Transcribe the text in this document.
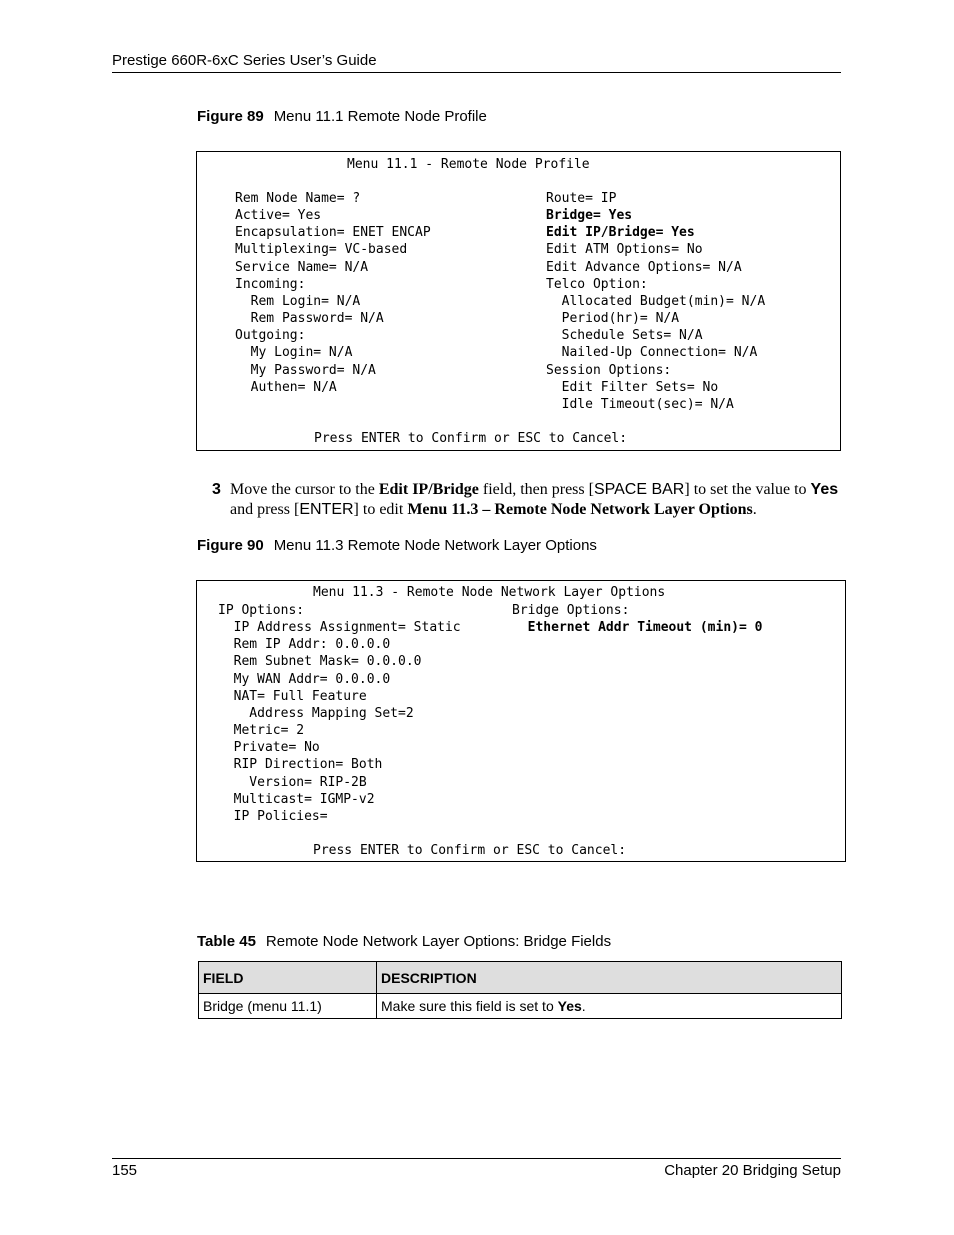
Prestige 660R-6xC Series User’s Guide
Figure 89 Menu 11.1 Remote Node Profile
Menu 11.1 - Remote Node Profile
Rem Node Name= ?
Active= Yes
Encapsulation= ENET ENCAP
Multiplexing= VC-based
Service Name= N/A
Incoming:
Rem Login= N/A
Rem Password= N/A
Outgoing:
My Login= N/A
My Password= N/A
Authen= N/A
Route= IP
Bridge= Yes
Edit IP/Bridge= Yes
Edit ATM Options= No
Edit Advance Options= N/A
Telco Option:
Allocated Budget(min)= N/A
Period(hr)= N/A
Schedule Sets= N/A
Nailed-Up Connection= N/A
Session Options:
Edit Filter Sets= No
Idle Timeout(sec)= N/A
Press ENTER to Confirm or ESC to Cancel:
3 Move the cursor to the Edit IP/Bridge field, then press [SPACE BAR] to set the value to Yes and press [ENTER] to edit Menu 11.3 – Remote Node Network Layer Options.
Figure 90 Menu 11.3 Remote Node Network Layer Options
Menu 11.3 - Remote Node Network Layer Options
IP Options:
IP Address Assignment= Static
Rem IP Addr: 0.0.0.0
Rem Subnet Mask= 0.0.0.0
My WAN Addr= 0.0.0.0
NAT= Full Feature
Address Mapping Set=2
Metric= 2
Private= No
RIP Direction= Both
Version= RIP-2B
Multicast= IGMP-v2
IP Policies=
Bridge Options:
Ethernet Addr Timeout (min)= 0
Press ENTER to Confirm or ESC to Cancel:
Table 45 Remote Node Network Layer Options: Bridge Fields
FIELD	DESCRIPTION
Bridge (menu 11.1)	Make sure this field is set to Yes.
155	Chapter 20 Bridging Setup
